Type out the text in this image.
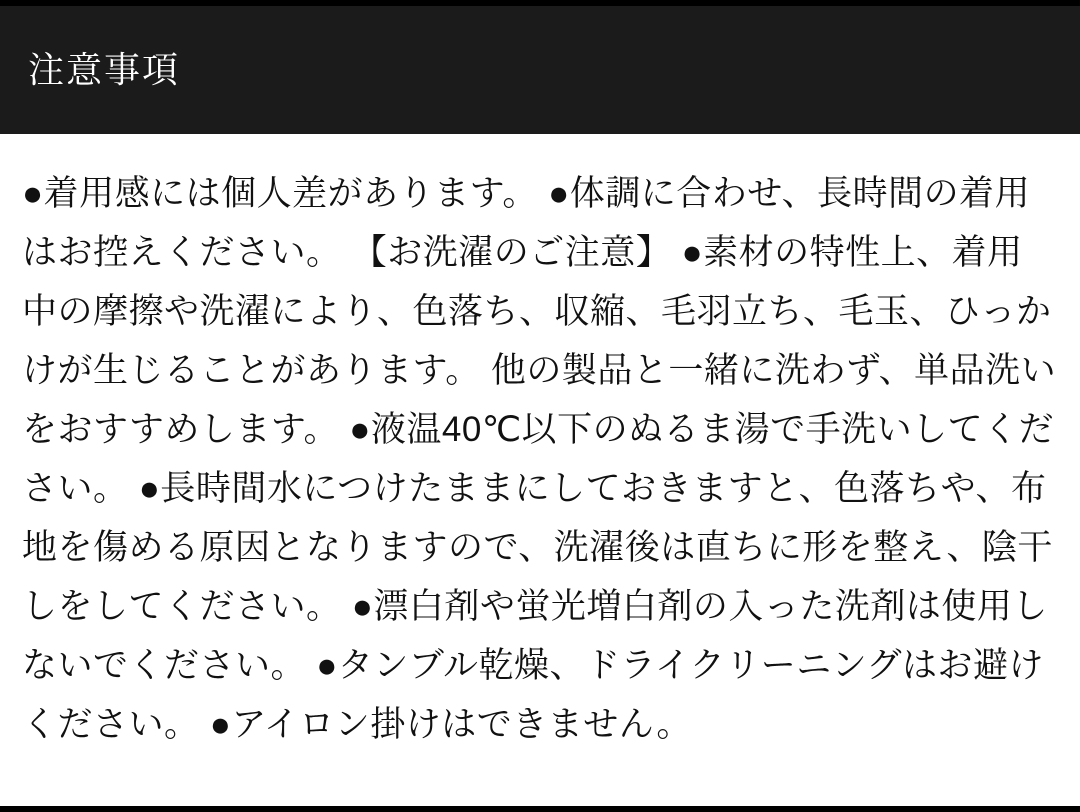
注意事項

●着用感には個人差があります。 ●体調に合わせ、長時間の着用はお控えください。 【お洗濯のご注意】 ●素材の特性上、着用中の摩擦や洗濯により、色落ち、収縮、毛羽立ち、毛玉、ひっかけが生じることがあります。 他の製品と一緒に洗わず、単品洗いをおすすめします。 ●液温40℃以下のぬるま湯で手洗いしてください。 ●長時間水につけたままにしておきますと、色落ちや、布地を傷める原因となりますので、洗濯後は直ちに形を整え、陰干しをしてください。 ●漂白剤や蛍光増白剤の入った洗剤は使用しないでください。 ●タンブル乾燥、ドライクリーニングはお避けください。 ●アイロン掛けはできません。
